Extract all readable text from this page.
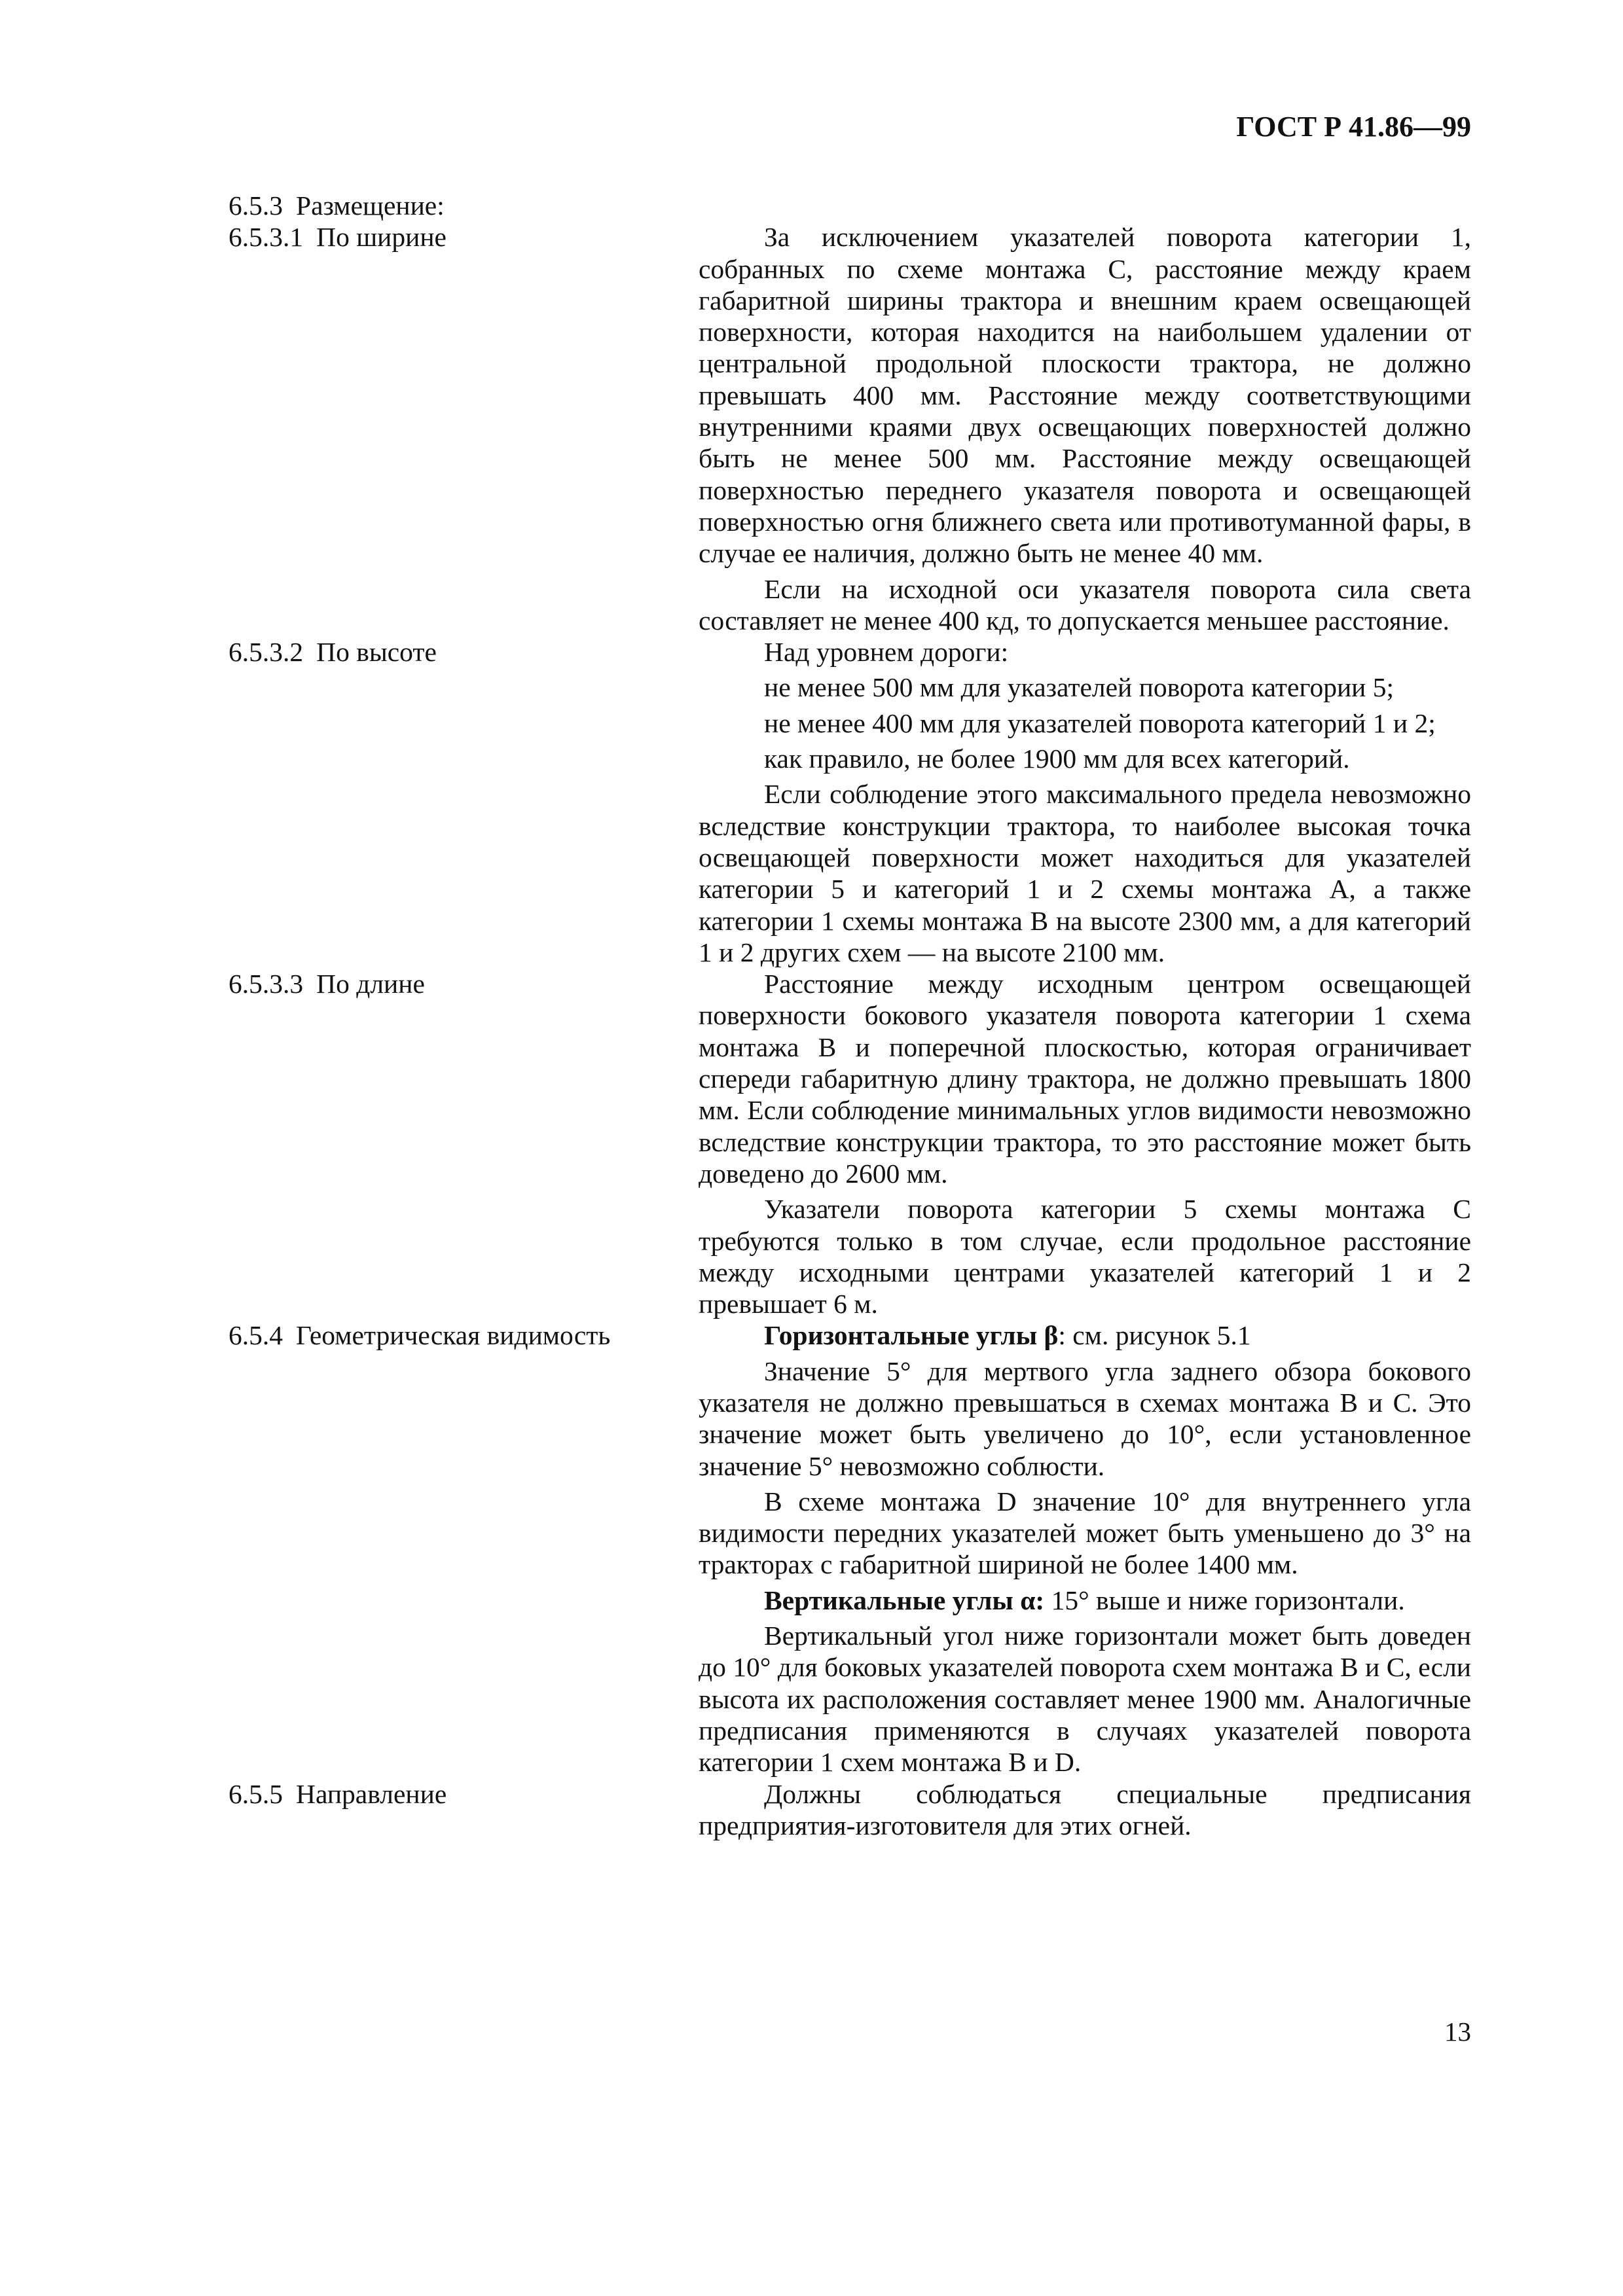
ГОСТ Р 41.86—99
6.5.3 Размещение:
6.5.3.1 По ширине	За исключением указателей поворота категории 1, собранных по схеме монтажа С, расстояние между краем габаритной ширины трактора и внешним краем освещающей поверхности, которая находится на наибольшем удалении от центральной продольной плоскости трактора, не должно превышать 400 мм. Расстояние между соответствующими внутренними краями двух освещающих поверхностей должно быть не менее 500 мм. Расстояние между освещающей поверхностью переднего указателя поворота и освещающей поверхностью огня ближнего света или противотуманной фары, в случае ее наличия, должно быть не менее 40 мм.

Если на исходной оси указателя поворота сила света составляет не менее 400 кд, то допускается меньшее расстояние.

6.5.3.2 По высоте	Над уровнем дороги:

не менее 500 мм для указателей поворота категории 5;

не менее 400 мм для указателей поворота категорий 1 и 2;

как правило, не более 1900 мм для всех категорий.

Если соблюдение этого максимального предела невозможно вследствие конструкции трактора, то наиболее высокая точка освещающей поверхности может находиться для указателей категории 5 и категорий 1 и 2 схемы монтажа А, а также категории 1 схемы монтажа В на высоте 2300 мм, а для категорий 1 и 2 других схем — на высоте 2100 мм.

6.5.3.3 По длине	Расстояние между исходным центром освещающей поверхности бокового указателя поворота категории 1 схема монтажа В и поперечной плоскостью, которая ограничивает спереди габаритную длину трактора, не должно превышать 1800 мм. Если соблюдение минимальных углов видимости невозможно вследствие конструкции трактора, то это расстояние может быть доведено до 2600 мм.

Указатели поворота категории 5 схемы монтажа С требуются только в том случае, если продольное расстояние между исходными центрами указателей категорий 1 и 2 превышает 6 м.

6.5.4 Геометрическая видимость	Горизонтальные углы β: см. рисунок 5.1

Значение 5° для мертвого угла заднего обзора бокового указателя не должно превышаться в схемах монтажа В и С. Это значение может быть увеличено до 10°, если установленное значение 5° невозможно соблюсти.

В схеме монтажа D значение 10° для внутреннего угла видимости передних указателей может быть уменьшено до 3° на тракторах с габаритной шириной не более 1400 мм.

Вертикальные углы α: 15° выше и ниже горизонтали.

Вертикальный угол ниже горизонтали может быть доведен до 10° для боковых указателей поворота схем монтажа В и С, если высота их расположения составляет менее 1900 мм. Аналогичные предписания применяются в случаях указателей поворота категории 1 схем монтажа В и D.

6.5.5 Направление	Должны соблюдаться специальные предписания предприятия-изготовителя для этих огней.

13
